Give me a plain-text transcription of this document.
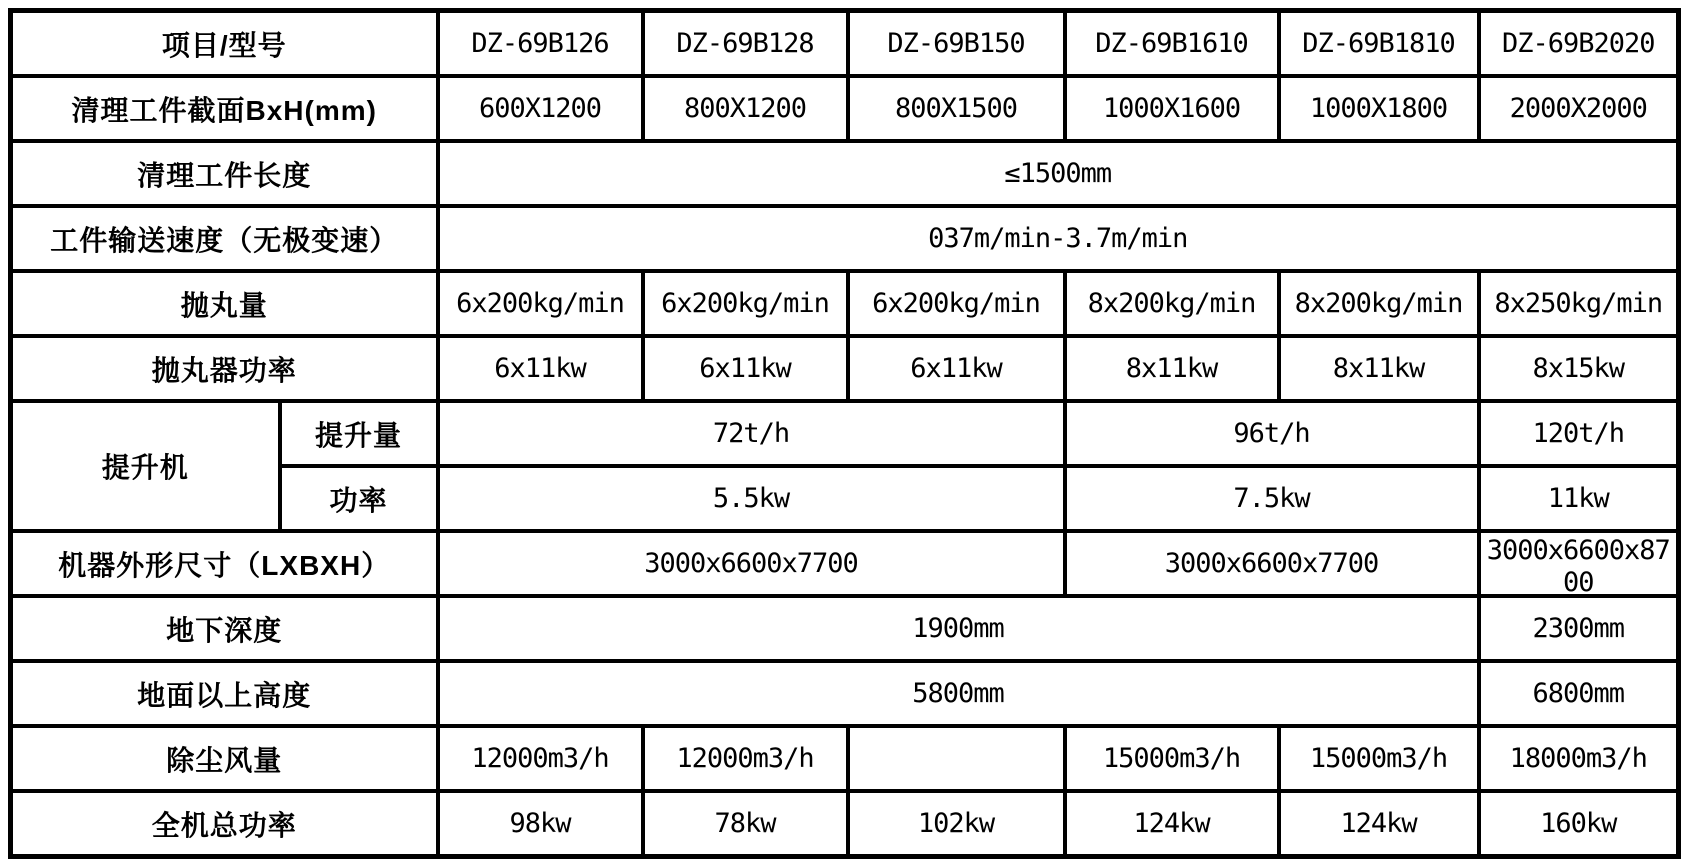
项目/型号		DZ-69B126	DZ-69B128	DZ-69B150	DZ-69B1610	DZ-69B1810	DZ-69B2020
清理工件截面BxH(mm)		600X1200	800X1200	800X1500	1000X1600	1000X1800	2000X2000
清理工件长度		≤1500mm					
工件输送速度（无极变速）		037m/min-3.7m/min					
抛丸量		6x200kg/min	6x200kg/min	6x200kg/min	8x200kg/min	8x200kg/min	8x250kg/min
抛丸器功率		6x11kw	6x11kw	6x11kw	8x11kw	8x11kw	8x15kw
提升机	提升量	72t/h			96t/h		120t/h
	功率	5.5kw			7.5kw		11kw
机器外形尺寸（LXBXH）		3000x6600x7700			3000x6600x7700		3000x6600x8700

地下深度		1900mm					2300mm
地面以上高度		5800mm					6800mm
除尘风量		12000m3/h	12000m3/h		15000m3/h	15000m3/h	18000m3/h
全机总功率		98kw	78kw	102kw	124kw	124kw	160kw
